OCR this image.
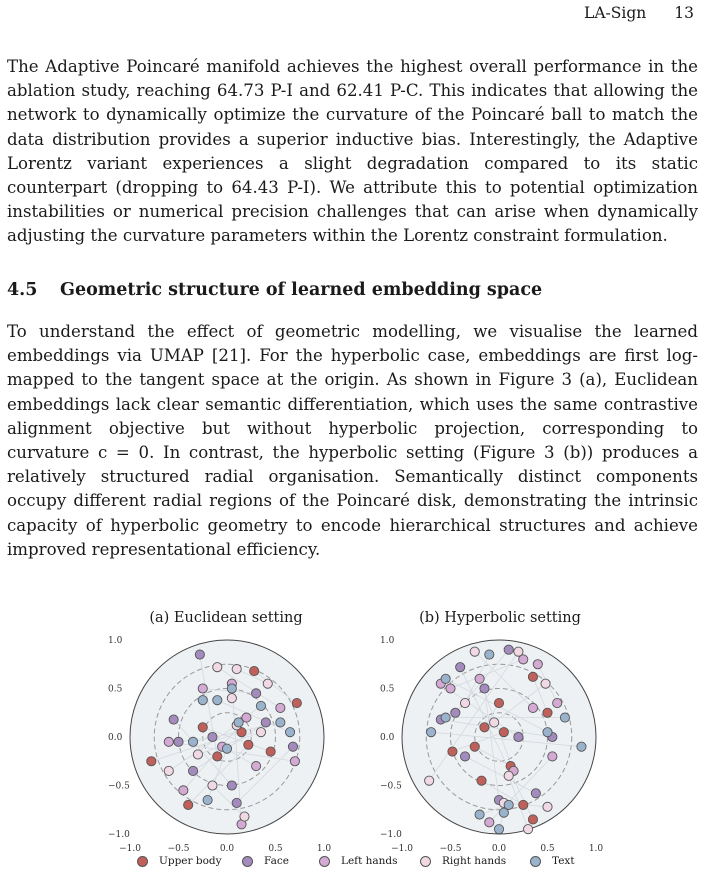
LA-Sign 13

The Adaptive Poincaré manifold achieves the highest overall performance in the ablation study, reaching 64.73 P-I and 62.41 P-C. This indicates that allowing the network to dynamically optimize the curvature of the Poincaré ball to match the data distribution provides a superior inductive bias. Interestingly, the Adaptive Lorentz variant experiences a slight degradation compared to its static counterpart (dropping to 64.43 P-I). We attribute this to potential optimization instabilities or numerical precision challenges that can arise when dynamically adjusting the curvature parameters within the Lorentz constraint formulation.

4.5 Geometric structure of learned embedding space

To understand the effect of geometric modelling, we visualise the learned embeddings via UMAP [21]. For the hyperbolic case, embeddings are first log-mapped to the tangent space at the origin. As shown in Figure 3 (a), Euclidean embeddings lack clear semantic differentiation, which uses the same contrastive alignment objective but without hyperbolic projection, corresponding to curvature c = 0. In contrast, the hyperbolic setting (Figure 3 (b)) produces a relatively structured radial organisation. Semantically distinct components occupy different radial regions of the Poincaré disk, demonstrating the intrinsic capacity of hyperbolic geometry to encode hierarchical structures and achieve improved representational efficiency.

(a) Euclidean setting	(b) Hyperbolic setting
−1.0
−0.5
0.0
0.5
1.0
−1.0	−0.5	0.0	0.5	1.0
−1.0
−0.5
0.0
0.5
1.0
−1.0	−0.5	0.0	0.5	1.0
Upper body	Face	Left hands	Right hands	Text
